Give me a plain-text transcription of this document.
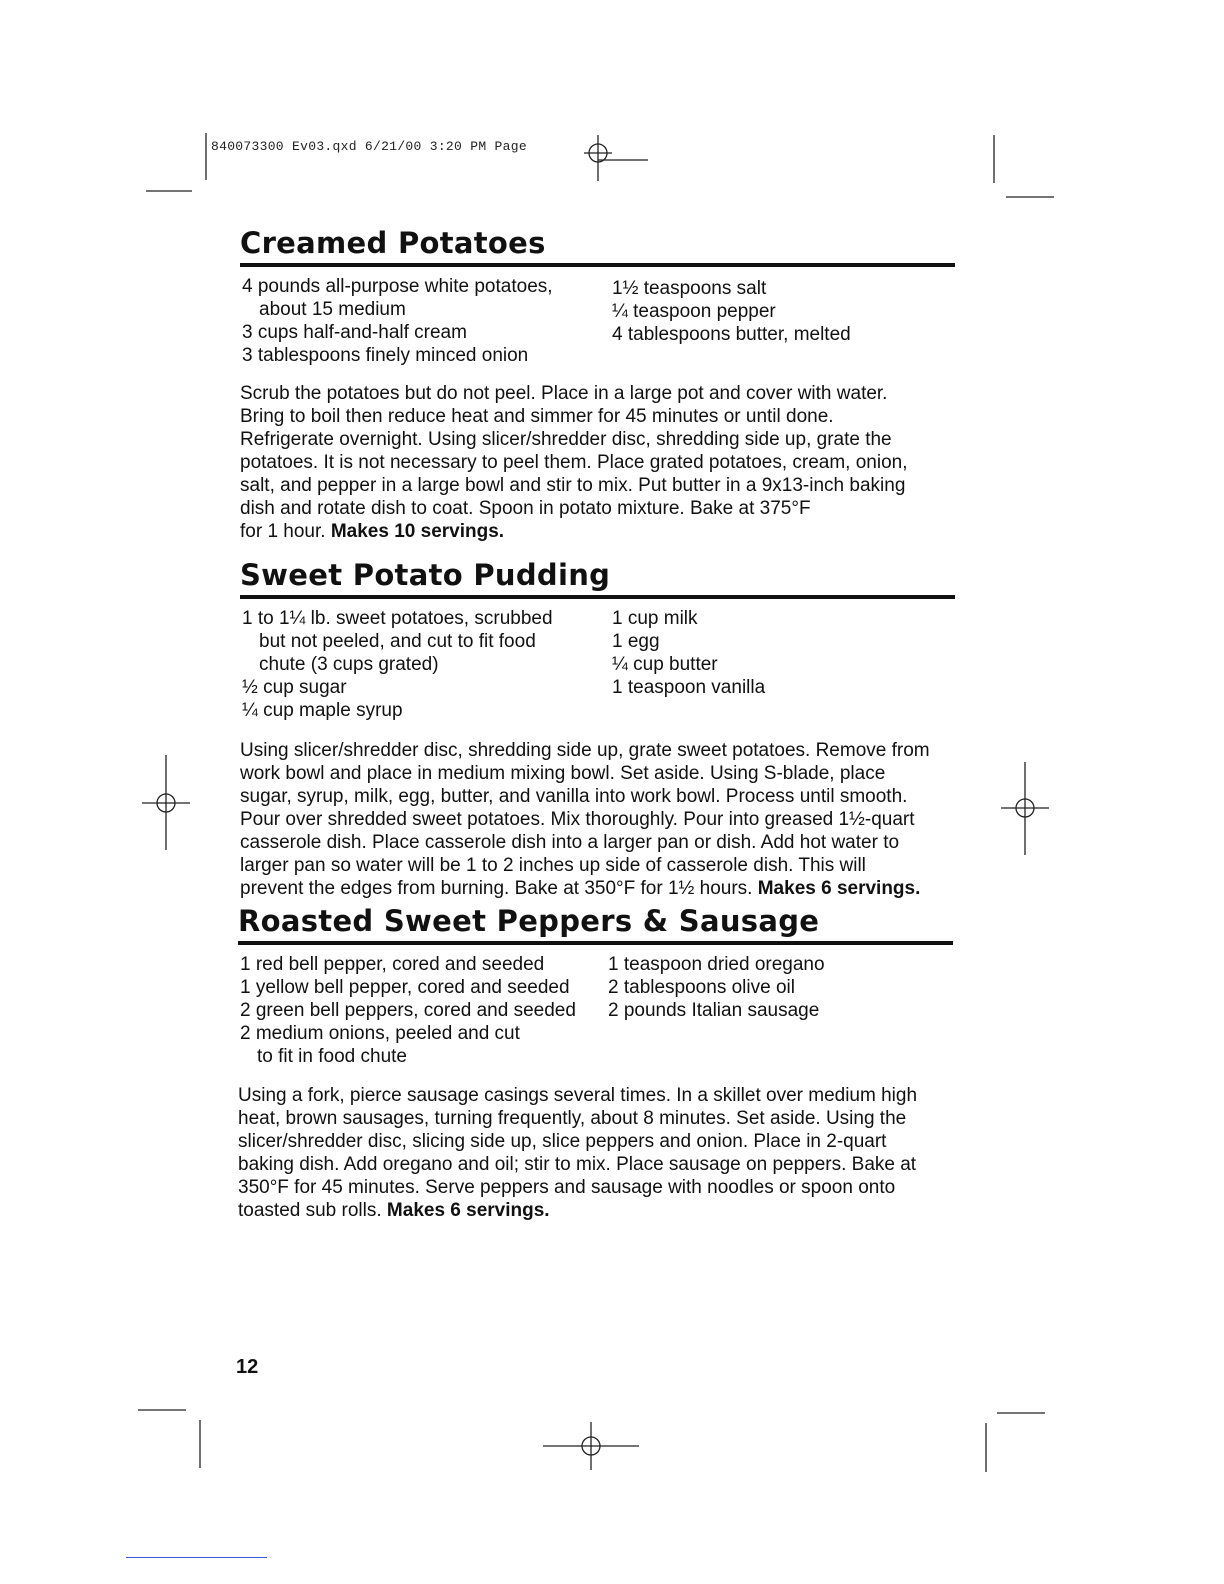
840073300 Ev03.qxd 6/21/00 3:20 PM Page
Creamed Potatoes
4 pounds all-purpose white potatoes,
about 15 medium
3 cups half-and-half cream
3 tablespoons finely minced onion
1½ teaspoons salt
¼ teaspoon pepper
4 tablespoons butter, melted
Scrub the potatoes but do not peel. Place in a large pot and cover with water.
Bring to boil then reduce heat and simmer for 45 minutes or until done.
Refrigerate overnight. Using slicer/shredder disc, shredding side up, grate the
potatoes. It is not necessary to peel them. Place grated potatoes, cream, onion,
salt, and pepper in a large bowl and stir to mix. Put butter in a 9x13-inch baking
dish and rotate dish to coat. Spoon in potato mixture. Bake at 375°F
for 1 hour. Makes 10 servings.
Sweet Potato Pudding
1 to 1¼ lb. sweet potatoes, scrubbed
but not peeled, and cut to fit food
chute (3 cups grated)
½ cup sugar
¼ cup maple syrup
1 cup milk
1 egg
¼ cup butter
1 teaspoon vanilla
Using slicer/shredder disc, shredding side up, grate sweet potatoes. Remove from
work bowl and place in medium mixing bowl. Set aside. Using S-blade, place
sugar, syrup, milk, egg, butter, and vanilla into work bowl. Process until smooth.
Pour over shredded sweet potatoes. Mix thoroughly. Pour into greased 1½-quart
casserole dish. Place casserole dish into a larger pan or dish. Add hot water to
larger pan so water will be 1 to 2 inches up side of casserole dish. This will
prevent the edges from burning. Bake at 350°F for 1½ hours. Makes 6 servings.
Roasted Sweet Peppers & Sausage
1 red bell pepper, cored and seeded
1 yellow bell pepper, cored and seeded
2 green bell peppers, cored and seeded
2 medium onions, peeled and cut
to fit in food chute
1 teaspoon dried oregano
2 tablespoons olive oil
2 pounds Italian sausage
Using a fork, pierce sausage casings several times. In a skillet over medium high
heat, brown sausages, turning frequently, about 8 minutes. Set aside. Using the
slicer/shredder disc, slicing side up, slice peppers and onion. Place in 2-quart
baking dish. Add oregano and oil; stir to mix. Place sausage on peppers. Bake at
350°F for 45 minutes. Serve peppers and sausage with noodles or spoon onto
toasted sub rolls. Makes 6 servings.
12
